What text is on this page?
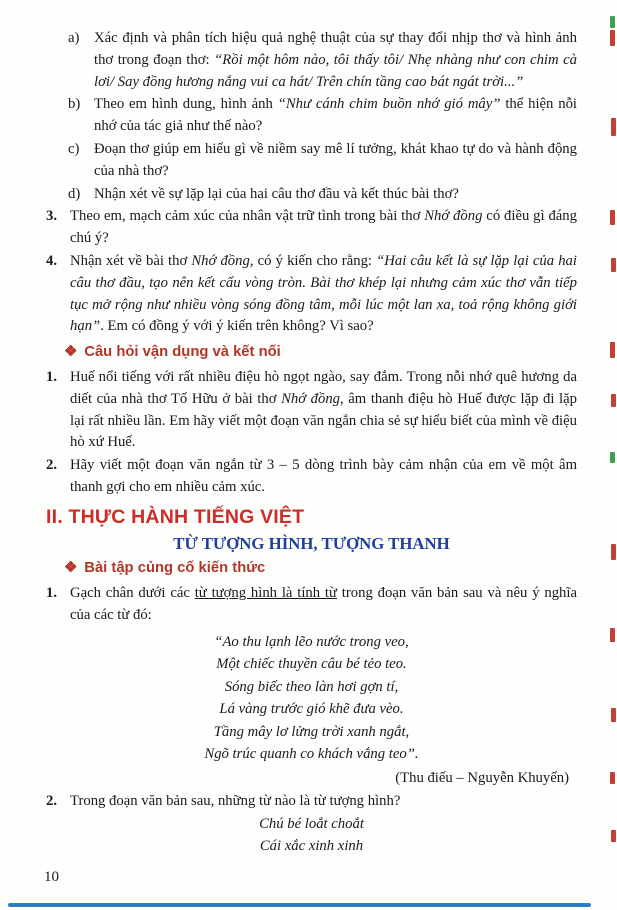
a) Xác định và phân tích hiệu quả nghệ thuật của sự thay đổi nhịp thơ và hình ảnh thơ trong đoạn thơ: “Rồi một hôm nào, tôi thấy tôi/ Nhẹ nhàng như con chim cà lơi/ Say đồng hương nắng vui ca hát/ Trên chín tầng cao bát ngát trời...”
b) Theo em hình dung, hình ảnh “Như cánh chim buồn nhớ gió mây” thể hiện nỗi nhớ của tác giả như thế nào?
c) Đoạn thơ giúp em hiểu gì về niềm say mê lí tưởng, khát khao tự do và hành động của nhà thơ?
d) Nhận xét về sự lặp lại của hai câu thơ đầu và kết thúc bài thơ?
3. Theo em, mạch cảm xúc của nhân vật trữ tình trong bài thơ Nhớ đồng có điều gì đáng chú ý?
4. Nhận xét về bài thơ Nhớ đồng, có ý kiến cho rằng: “Hai câu kết là sự lặp lại của hai câu thơ đầu, tạo nên kết cấu vòng tròn. Bài thơ khép lại nhưng cảm xúc thơ vẫn tiếp tục mở rộng như nhiều vòng sóng đồng tâm, mỗi lúc một lan xa, toả rộng không giới hạn”. Em có đồng ý với ý kiến trên không? Vì sao?
❖ Câu hỏi vận dụng và kết nối
1. Huế nổi tiếng với rất nhiều điệu hò ngọt ngào, say đắm. Trong nỗi nhớ quê hương da diết của nhà thơ Tố Hữu ở bài thơ Nhớ đồng, âm thanh điệu hò Huế được lặp đi lặp lại rất nhiều lần. Em hãy viết một đoạn văn ngắn chia sẻ sự hiểu biết của mình về điệu hò xứ Huế.
2. Hãy viết một đoạn văn ngắn từ 3 – 5 dòng trình bày cảm nhận của em về một âm thanh gợi cho em nhiều cảm xúc.
II. THỰC HÀNH TIẾNG VIỆT
TỪ TƯỢNG HÌNH, TƯỢNG THANH
❖ Bài tập củng cố kiến thức
1. Gạch chân dưới các từ tượng hình là tính từ trong đoạn văn bản sau và nêu ý nghĩa của các từ đó:
“Ao thu lạnh lẽo nước trong veo,
Một chiếc thuyền câu bé tẻo teo.
Sóng biếc theo làn hơi gợn tí,
Lá vàng trước gió khẽ đưa vèo.
Tầng mây lơ lửng trời xanh ngắt,
Ngõ trúc quanh co khách vắng teo”.
(Thu điếu – Nguyễn Khuyến)
2. Trong đoạn văn bản sau, những từ nào là từ tượng hình?
Chú bé loắt choắt
Cái xắc xinh xinh
10
